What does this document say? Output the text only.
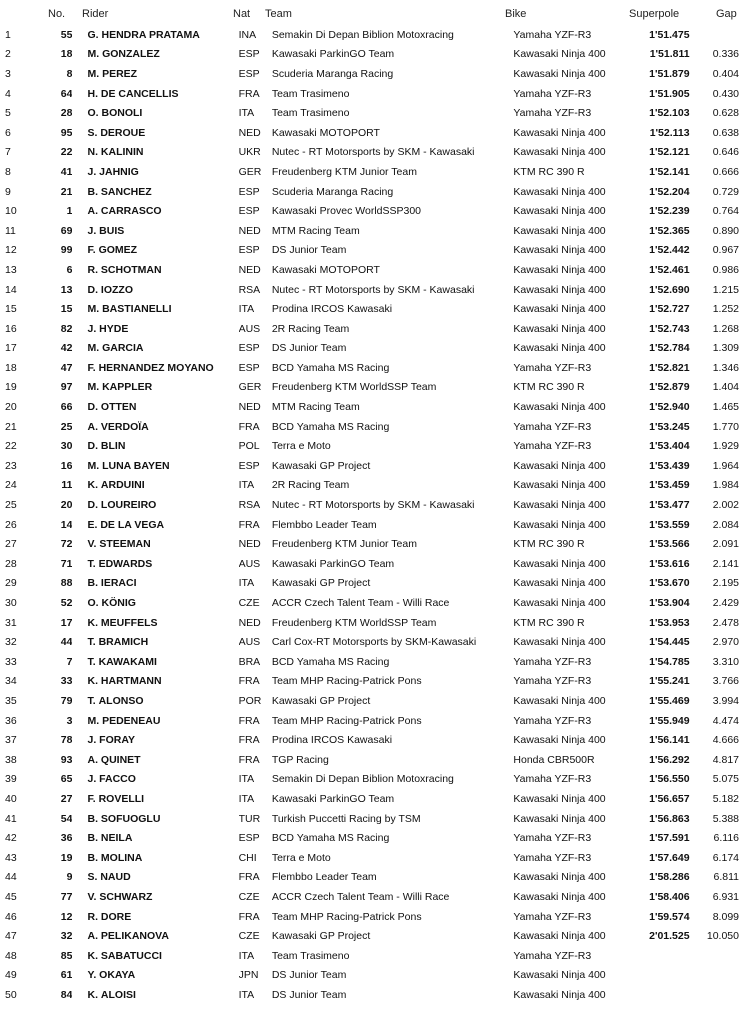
No. Rider	Nat Team	Bike	Superpole	Gap
1	55	G. HENDRA PRATAMA	INA	Semakin Di Depan Biblion Motoxracing	Yamaha YZF-R3	1'51.475	
2	18	M. GONZALEZ	ESP	Kawasaki ParkinGO Team	Kawasaki Ninja 400	1'51.811	0.336
3	8	M. PEREZ	ESP	Scuderia Maranga Racing	Kawasaki Ninja 400	1'51.879	0.404
4	64	H. DE CANCELLIS	FRA	Team Trasimeno	Yamaha YZF-R3	1'51.905	0.430
5	28	O. BONOLI	ITA	Team Trasimeno	Yamaha YZF-R3	1'52.103	0.628
6	95	S. DEROUE	NED	Kawasaki MOTOPORT	Kawasaki Ninja 400	1'52.113	0.638
7	22	N. KALININ	UKR	Nutec - RT Motorsports by SKM - Kawasaki	Kawasaki Ninja 400	1'52.121	0.646
8	41	J. JAHNIG	GER	Freudenberg KTM Junior Team	KTM RC 390 R	1'52.141	0.666
9	21	B. SANCHEZ	ESP	Scuderia Maranga Racing	Kawasaki Ninja 400	1'52.204	0.729
10	1	A. CARRASCO	ESP	Kawasaki Provec WorldSSP300	Kawasaki Ninja 400	1'52.239	0.764
11	69	J. BUIS	NED	MTM Racing Team	Kawasaki Ninja 400	1'52.365	0.890
12	99	F. GOMEZ	ESP	DS Junior Team	Kawasaki Ninja 400	1'52.442	0.967
13	6	R. SCHOTMAN	NED	Kawasaki MOTOPORT	Kawasaki Ninja 400	1'52.461	0.986
14	13	D. IOZZO	RSA	Nutec - RT Motorsports by SKM - Kawasaki	Kawasaki Ninja 400	1'52.690	1.215
15	15	M. BASTIANELLI	ITA	Prodina IRCOS Kawasaki	Kawasaki Ninja 400	1'52.727	1.252
16	82	J. HYDE	AUS	2R Racing Team	Kawasaki Ninja 400	1'52.743	1.268
17	42	M. GARCIA	ESP	DS Junior Team	Kawasaki Ninja 400	1'52.784	1.309
18	47	F. HERNANDEZ MOYANO	ESP	BCD Yamaha MS Racing	Yamaha YZF-R3	1'52.821	1.346
19	97	M. KAPPLER	GER	Freudenberg KTM WorldSSP Team	KTM RC 390 R	1'52.879	1.404
20	66	D. OTTEN	NED	MTM Racing Team	Kawasaki Ninja 400	1'52.940	1.465
21	25	A. VERDOÏA	FRA	BCD Yamaha MS Racing	Yamaha YZF-R3	1'53.245	1.770
22	30	D. BLIN	POL	Terra e Moto	Yamaha YZF-R3	1'53.404	1.929
23	16	M. LUNA BAYEN	ESP	Kawasaki GP Project	Kawasaki Ninja 400	1'53.439	1.964
24	11	K. ARDUINI	ITA	2R Racing Team	Kawasaki Ninja 400	1'53.459	1.984
25	20	D. LOUREIRO	RSA	Nutec - RT Motorsports by SKM - Kawasaki	Kawasaki Ninja 400	1'53.477	2.002
26	14	E. DE LA VEGA	FRA	Flembbo Leader Team	Kawasaki Ninja 400	1'53.559	2.084
27	72	V. STEEMAN	NED	Freudenberg KTM Junior Team	KTM RC 390 R	1'53.566	2.091
28	71	T. EDWARDS	AUS	Kawasaki ParkinGO Team	Kawasaki Ninja 400	1'53.616	2.141
29	88	B. IERACI	ITA	Kawasaki GP Project	Kawasaki Ninja 400	1'53.670	2.195
30	52	O. KÖNIG	CZE	ACCR Czech Talent Team - Willi Race	Kawasaki Ninja 400	1'53.904	2.429
31	17	K. MEUFFELS	NED	Freudenberg KTM WorldSSP Team	KTM RC 390 R	1'53.953	2.478
32	44	T. BRAMICH	AUS	Carl Cox-RT Motorsports by SKM-Kawasaki	Kawasaki Ninja 400	1'54.445	2.970
33	7	T. KAWAKAMI	BRA	BCD Yamaha MS Racing	Yamaha YZF-R3	1'54.785	3.310
34	33	K. HARTMANN	FRA	Team MHP Racing-Patrick Pons	Yamaha YZF-R3	1'55.241	3.766
35	79	T. ALONSO	POR	Kawasaki GP Project	Kawasaki Ninja 400	1'55.469	3.994
36	3	M. PEDENEAU	FRA	Team MHP Racing-Patrick Pons	Yamaha YZF-R3	1'55.949	4.474
37	78	J. FORAY	FRA	Prodina IRCOS Kawasaki	Kawasaki Ninja 400	1'56.141	4.666
38	93	A. QUINET	FRA	TGP Racing	Honda CBR500R	1'56.292	4.817
39	65	J. FACCO	ITA	Semakin Di Depan Biblion Motoxracing	Yamaha YZF-R3	1'56.550	5.075
40	27	F. ROVELLI	ITA	Kawasaki ParkinGO Team	Kawasaki Ninja 400	1'56.657	5.182
41	54	B. SOFUOGLU	TUR	Turkish Puccetti Racing by TSM	Kawasaki Ninja 400	1'56.863	5.388
42	36	B. NEILA	ESP	BCD Yamaha MS Racing	Yamaha YZF-R3	1'57.591	6.116
43	19	B. MOLINA	CHI	Terra e Moto	Yamaha YZF-R3	1'57.649	6.174
44	9	S. NAUD	FRA	Flembbo Leader Team	Kawasaki Ninja 400	1'58.286	6.811
45	77	V. SCHWARZ	CZE	ACCR Czech Talent Team - Willi Race	Kawasaki Ninja 400	1'58.406	6.931
46	12	R. DORE	FRA	Team MHP Racing-Patrick Pons	Yamaha YZF-R3	1'59.574	8.099
47	32	A. PELIKANOVA	CZE	Kawasaki GP Project	Kawasaki Ninja 400	2'01.525	10.050
48	85	K. SABATUCCI	ITA	Team Trasimeno	Yamaha YZF-R3		
49	61	Y. OKAYA	JPN	DS Junior Team	Kawasaki Ninja 400		
50	84	K. ALOISI	ITA	DS Junior Team	Kawasaki Ninja 400		
